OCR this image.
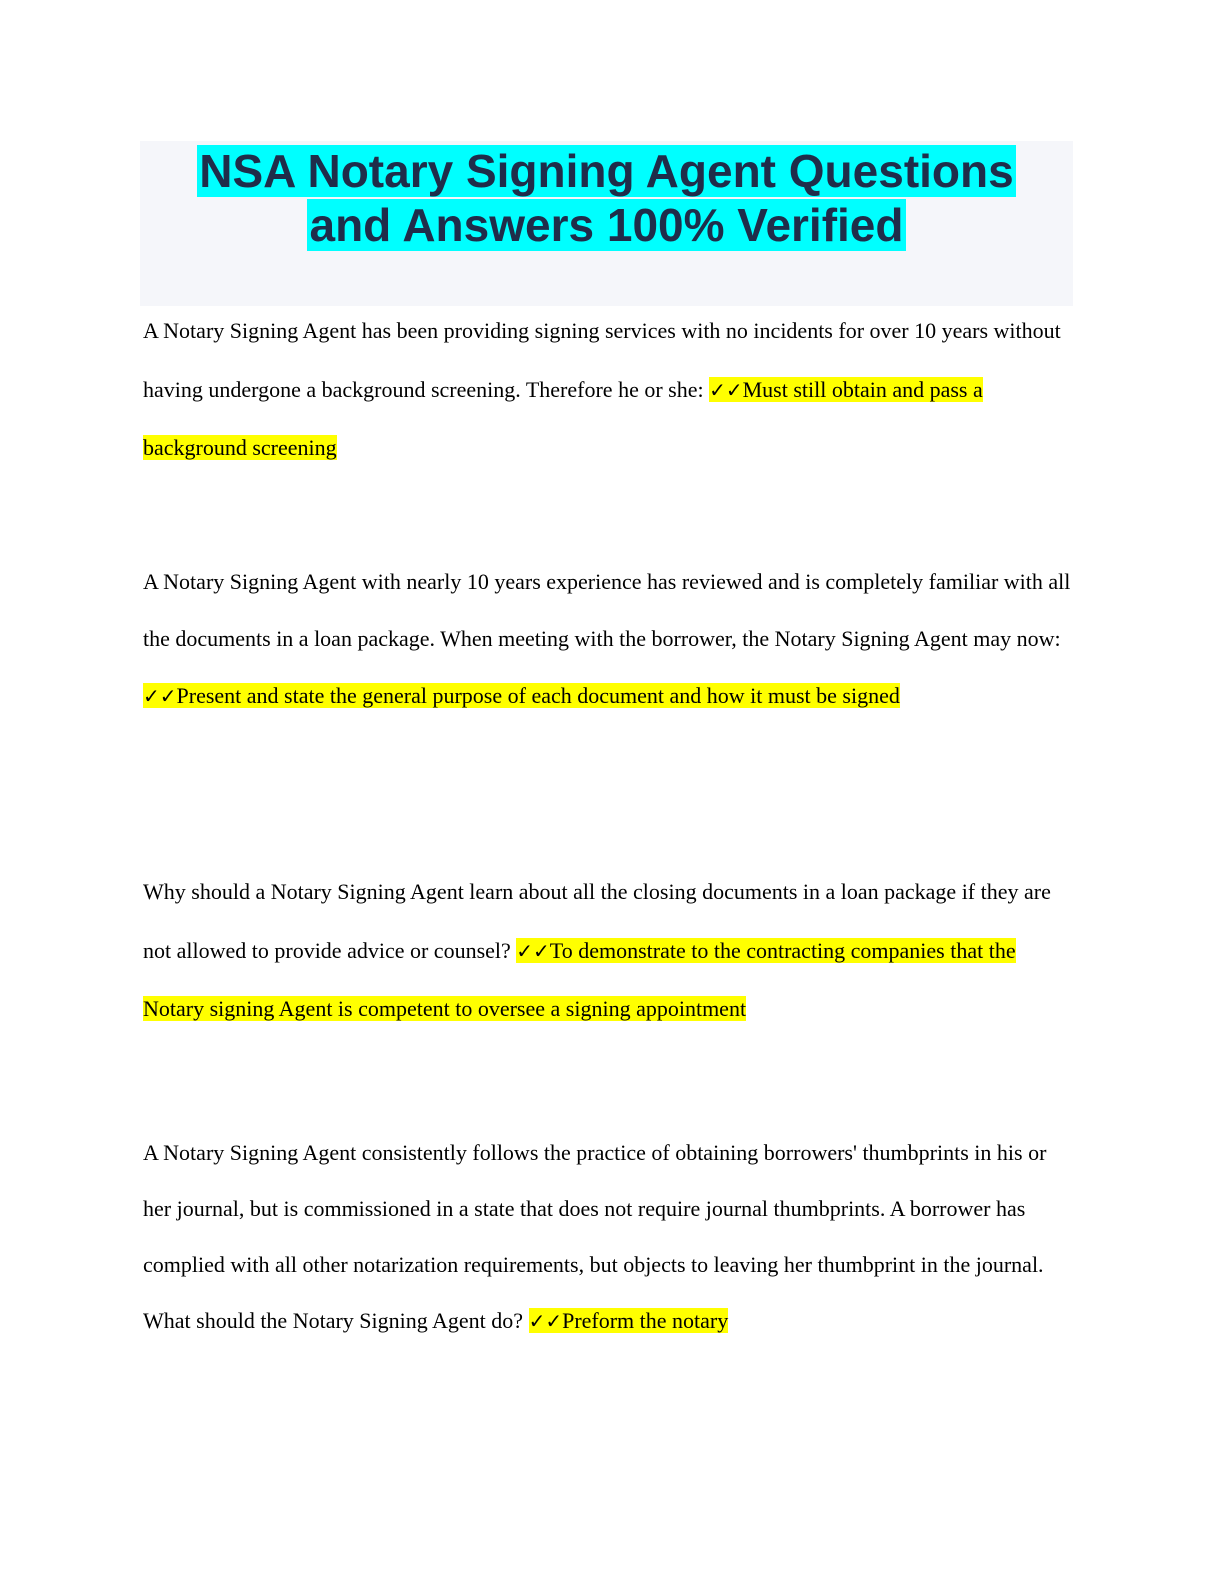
NSA Notary Signing Agent Questions
and Answers 100% Verified

A Notary Signing Agent has been providing signing services with no incidents for over 10 years without having undergone a background screening. Therefore he or she: ✓✓Must still obtain and pass a background screening

A Notary Signing Agent with nearly 10 years experience has reviewed and is completely familiar with all the documents in a loan package. When meeting with the borrower, the Notary Signing Agent may now: ✓✓Present and state the general purpose of each document and how it must be signed

Why should a Notary Signing Agent learn about all the closing documents in a loan package if they are not allowed to provide advice or counsel? ✓✓To demonstrate to the contracting companies that the Notary signing Agent is competent to oversee a signing appointment

A Notary Signing Agent consistently follows the practice of obtaining borrowers' thumbprints in his or her journal, but is commissioned in a state that does not require journal thumbprints. A borrower has complied with all other notarization requirements, but objects to leaving her thumbprint in the journal. What should the Notary Signing Agent do? ✓✓Preform the notary
